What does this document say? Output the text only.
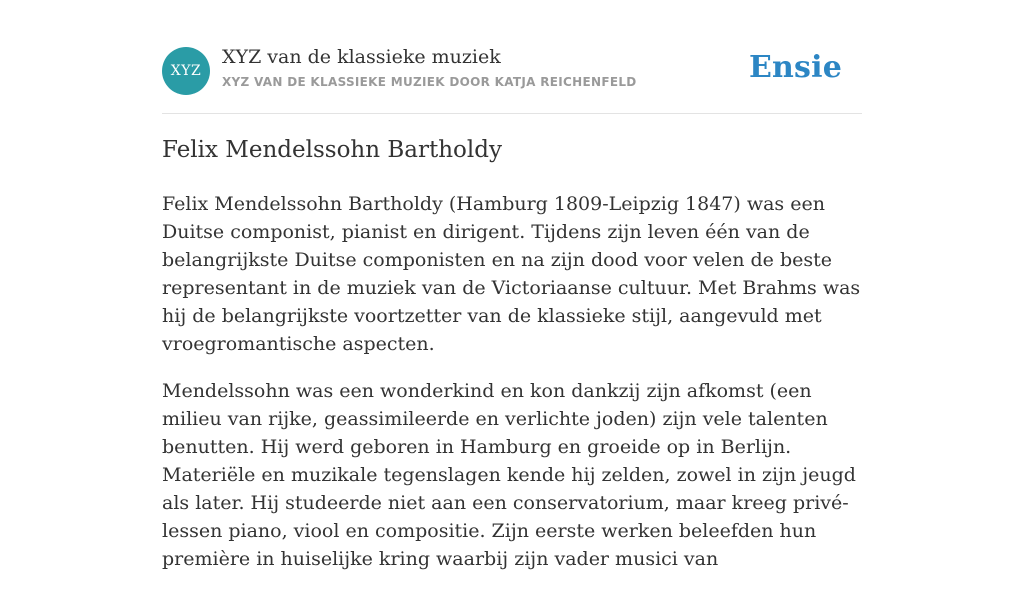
XYZ
XYZ van de klassieke muziek
XYZ VAN DE KLASSIEKE MUZIEK DOOR KATJA REICHENFELD	Ensie
Felix Mendelssohn Bartholdy

Felix Mendelssohn Bartholdy (Hamburg 1809-Leipzig 1847) was een Duitse componist, pianist en dirigent. Tijdens zijn leven één van de belangrijkste Duitse componisten en na zijn dood voor velen de beste representant in de muziek van de Victoriaanse cultuur. Met Brahms was hij de belangrijkste voortzetter van de klassieke stijl, aangevuld met vroegromantische aspecten.

Mendelssohn was een wonderkind en kon dankzij zijn afkomst (een milieu van rijke, geassimileerde en verlichte joden) zijn vele talenten benutten. Hij werd geboren in Hamburg en groeide op in Berlijn. Materiële en muzikale tegenslagen kende hij zelden, zowel in zijn jeugd als later. Hij studeerde niet aan een conservatorium, maar kreeg privé-lessen piano, viool en compositie. Zijn eerste werken beleefden hun première in huiselijke kring waarbij zijn vader musici van
